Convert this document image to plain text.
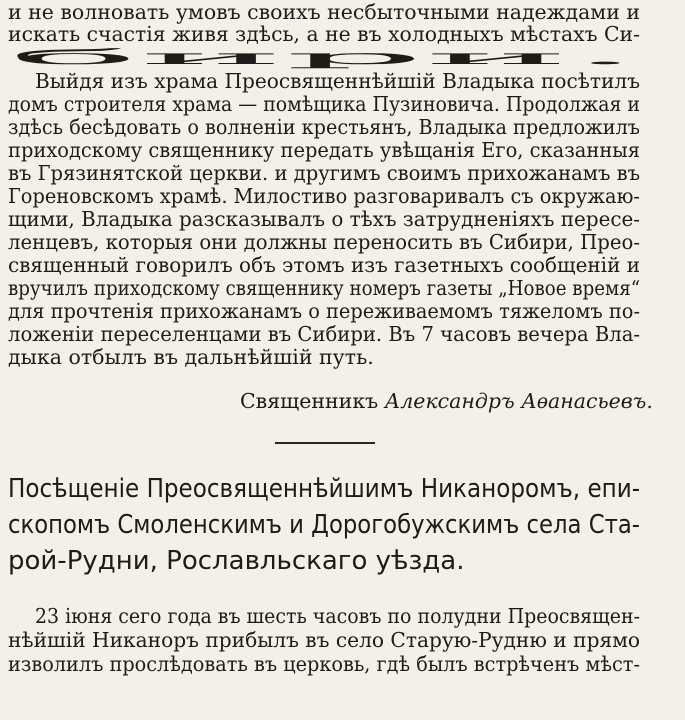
и не волновать умовъ своихъ несбыточными надеждами и
искать счастія живя здѣсь, а не въ холодныхъ мѣстахъ Си-
бири.
Выйдя изъ храма Преосвященнѣйшій Владыка посѣтилъ
домъ строителя храма — помѣщика Пузиновича. Продолжая и
здѣсь бесѣдовать о волненіи крестьянъ, Владыка предложилъ
приходскому священнику передать увѣщанія Его, сказанныя
въ Грязинятской церкви. и другимъ своимъ прихожанамъ въ
Гореновскомъ храмѣ. Милостиво разговаривалъ съ окружаю-
щими, Владыка разсказывалъ о тѣхъ затрудненіяхъ пересе-
ленцевъ, которыя они должны переносить въ Сибири, Прео-
священный говорилъ объ этомъ изъ газетныхъ сообщеній и
вручилъ приходскому священнику номеръ газеты „Новое время“
для прочтенія прихожанамъ о переживаемомъ тяжеломъ по-
ложеніи переселенцами въ Сибири. Въ 7 часовъ вечера Вла-
дыка отбылъ въ дальнѣйшій путь.
Священникъ Александръ Аѳанасьевъ.
Посѣщеніе Преосвященнѣйшимъ Никаноромъ, епи-
скопомъ Смоленскимъ и Дорогобужскимъ села Ста-
рой-Рудни, Рославльскаго уѣзда.
23 іюня сего года въ шесть часовъ по полудни Преосвящен-
нѣйшій Никаноръ прибылъ въ село Старую-Рудню и прямо
изволилъ прослѣдовать въ церковь, гдѣ былъ встрѣченъ мѣст-
